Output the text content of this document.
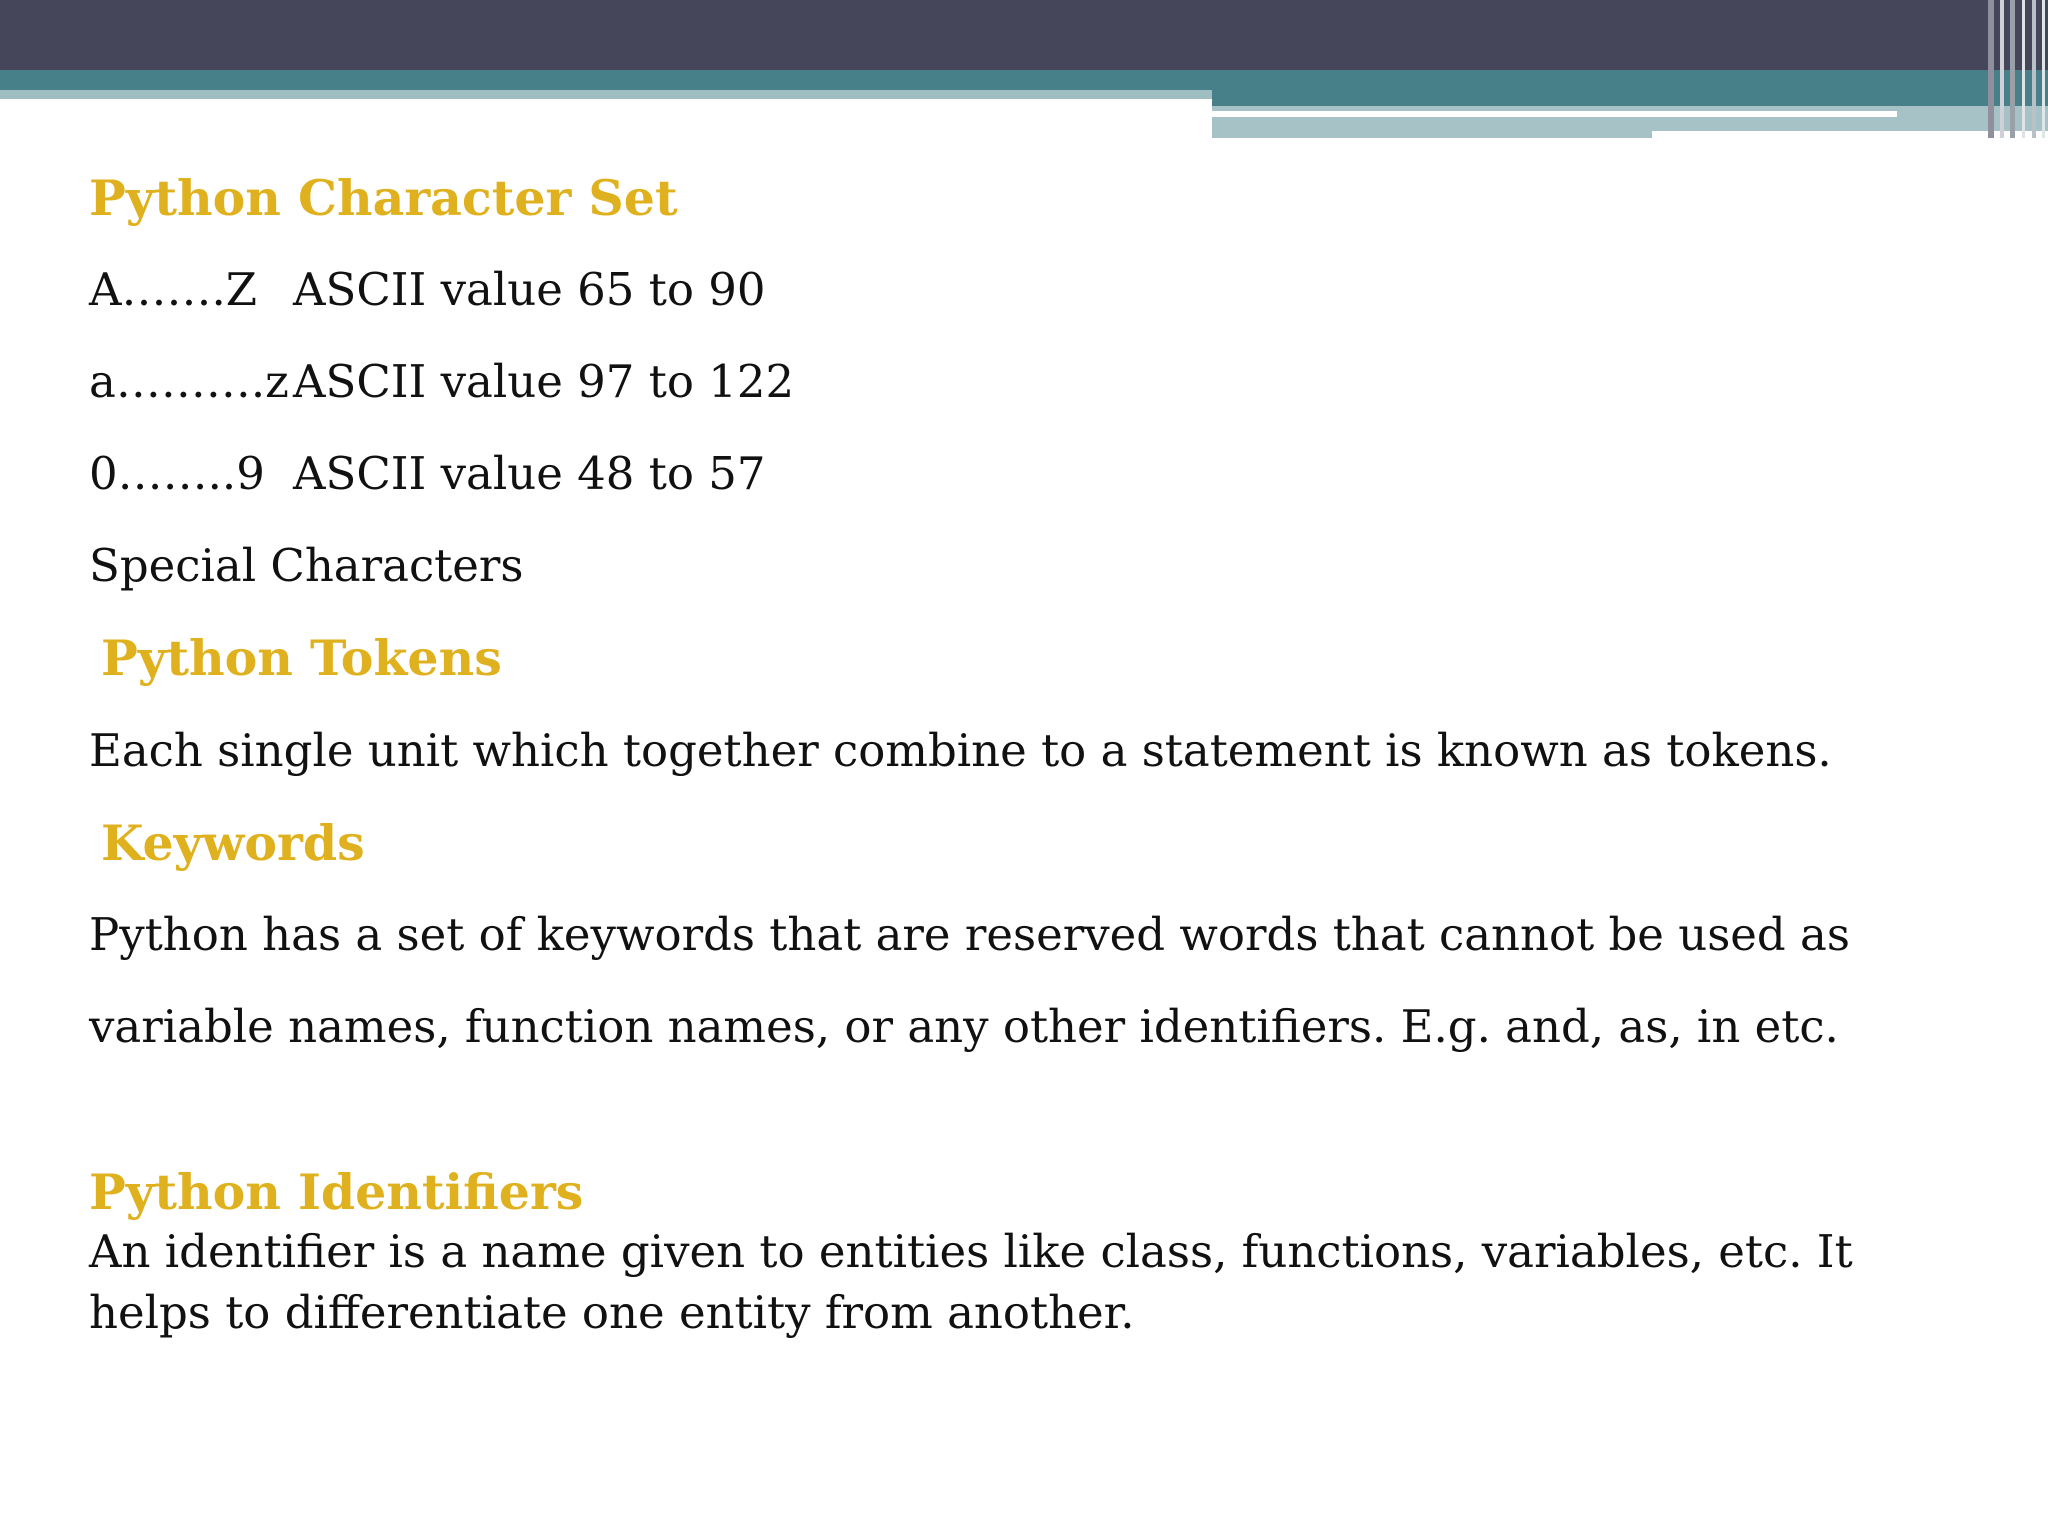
Python Character Set
A…….Z ASCII value 65 to 90
a……….zASCII value 97 to 122
0……..9 ASCII value 48 to 57
Special Characters
Python Tokens
Each single unit which together combine to a statement is known as tokens.
Keywords
Python has a set of keywords that are reserved words that cannot be used as
variable names, function names, or any other identifiers. E.g. and, as, in etc.
Python Identifiers
An identifier is a name given to entities like class, functions, variables, etc. It
helps to differentiate one entity from another.
